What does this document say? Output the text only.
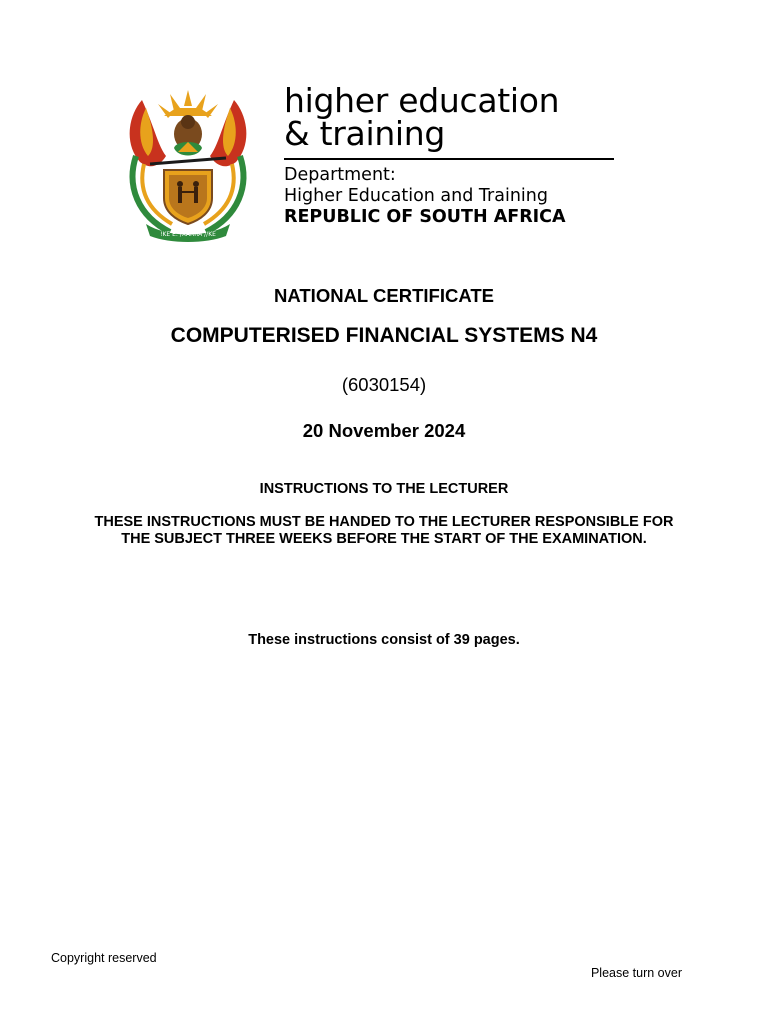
!KE E: /XARRA //KE
higher education
& training
Department:
Higher Education and Training
REPUBLIC OF SOUTH AFRICA
NATIONAL CERTIFICATE
COMPUTERISED FINANCIAL SYSTEMS N4
(6030154)
20 November 2024
INSTRUCTIONS TO THE LECTURER
THESE INSTRUCTIONS MUST BE HANDED TO THE LECTURER RESPONSIBLE FOR
THE SUBJECT THREE WEEKS BEFORE THE START OF THE EXAMINATION.
These instructions consist of 39 pages.
Copyright reserved
Please turn over
